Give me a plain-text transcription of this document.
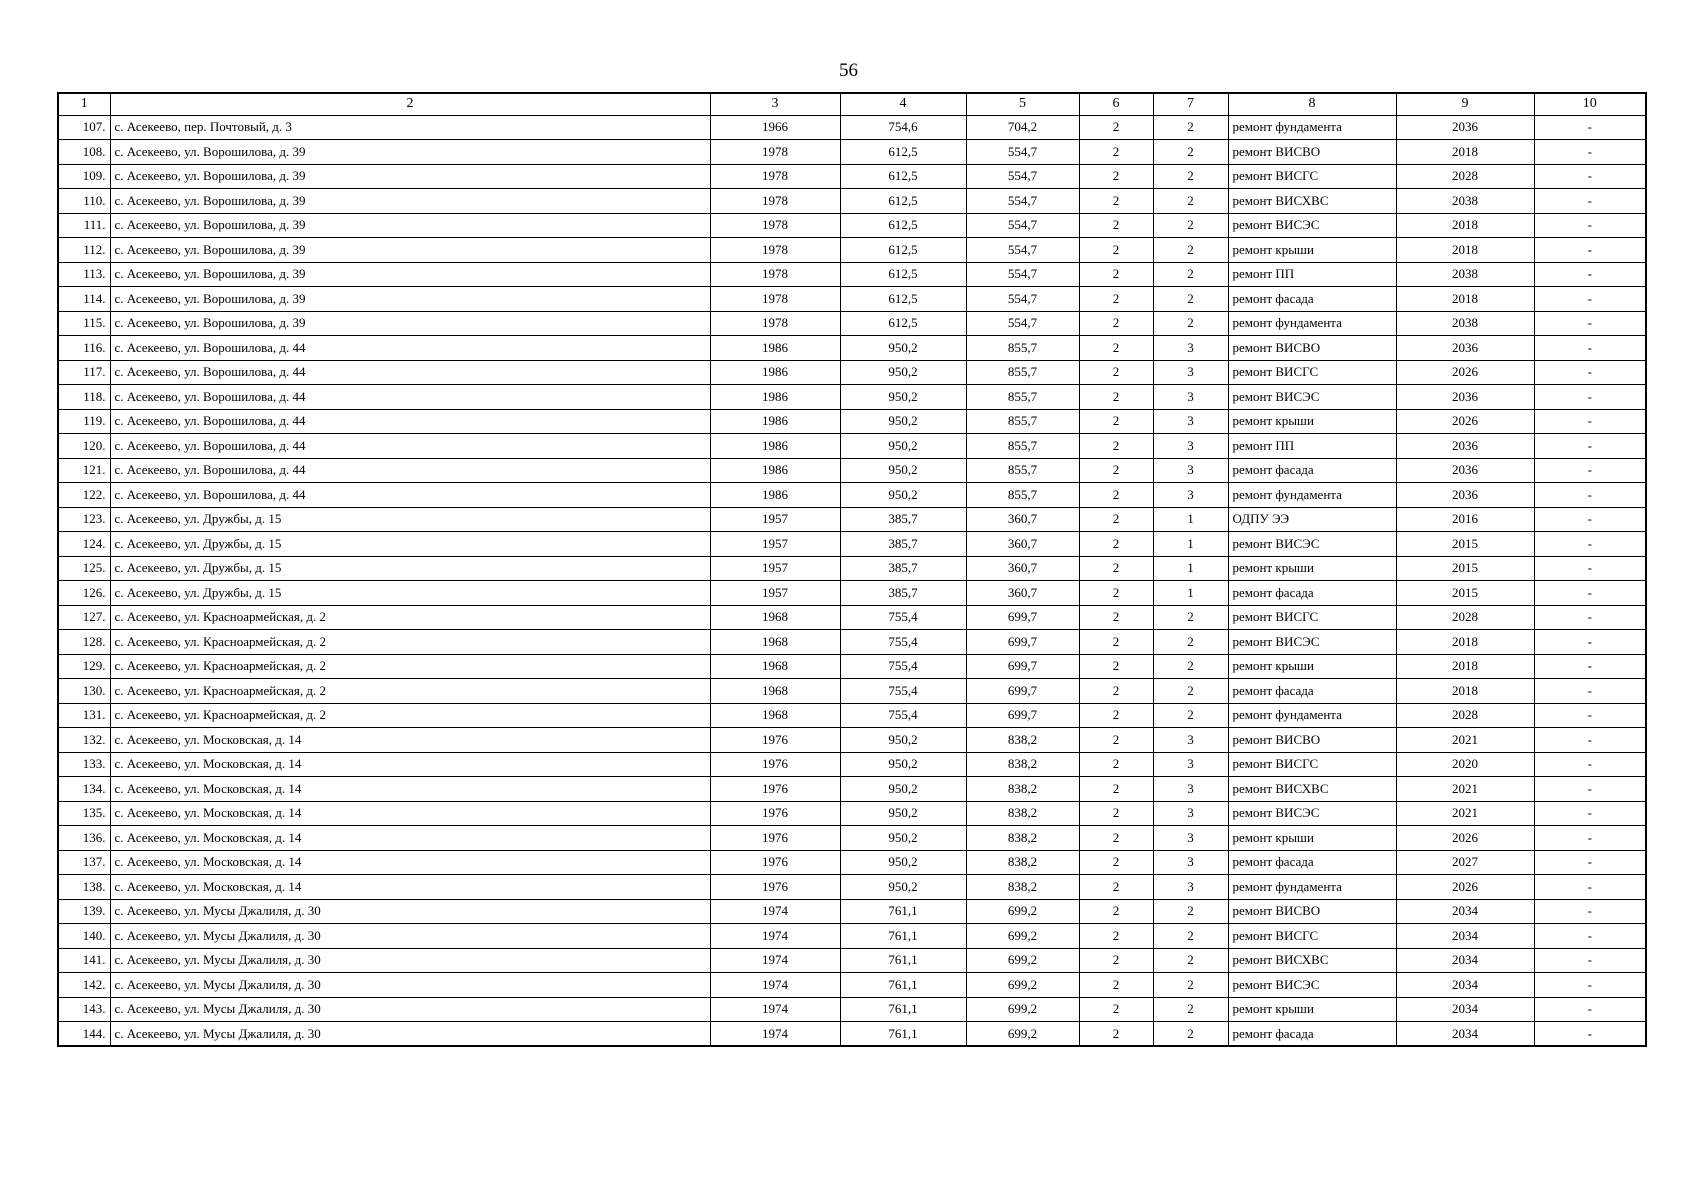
56
1	2	3	4	5	6	7	8	9	10
107.	с. Асекеево, пер. Почтовый, д. 3	1966	754,6	704,2	2	2	ремонт фундамента	2036	-
108.	с. Асекеево, ул. Ворошилова, д. 39	1978	612,5	554,7	2	2	ремонт ВИСВО	2018	-
109.	с. Асекеево, ул. Ворошилова, д. 39	1978	612,5	554,7	2	2	ремонт ВИСГС	2028	-
110.	с. Асекеево, ул. Ворошилова, д. 39	1978	612,5	554,7	2	2	ремонт ВИСХВС	2038	-
111.	с. Асекеево, ул. Ворошилова, д. 39	1978	612,5	554,7	2	2	ремонт ВИСЭС	2018	-
112.	с. Асекеево, ул. Ворошилова, д. 39	1978	612,5	554,7	2	2	ремонт крыши	2018	-
113.	с. Асекеево, ул. Ворошилова, д. 39	1978	612,5	554,7	2	2	ремонт ПП	2038	-
114.	с. Асекеево, ул. Ворошилова, д. 39	1978	612,5	554,7	2	2	ремонт фасада	2018	-
115.	с. Асекеево, ул. Ворошилова, д. 39	1978	612,5	554,7	2	2	ремонт фундамента	2038	-
116.	с. Асекеево, ул. Ворошилова, д. 44	1986	950,2	855,7	2	3	ремонт ВИСВО	2036	-
117.	с. Асекеево, ул. Ворошилова, д. 44	1986	950,2	855,7	2	3	ремонт ВИСГС	2026	-
118.	с. Асекеево, ул. Ворошилова, д. 44	1986	950,2	855,7	2	3	ремонт ВИСЭС	2036	-
119.	с. Асекеево, ул. Ворошилова, д. 44	1986	950,2	855,7	2	3	ремонт крыши	2026	-
120.	с. Асекеево, ул. Ворошилова, д. 44	1986	950,2	855,7	2	3	ремонт ПП	2036	-
121.	с. Асекеево, ул. Ворошилова, д. 44	1986	950,2	855,7	2	3	ремонт фасада	2036	-
122.	с. Асекеево, ул. Ворошилова, д. 44	1986	950,2	855,7	2	3	ремонт фундамента	2036	-
123.	с. Асекеево, ул. Дружбы, д. 15	1957	385,7	360,7	2	1	ОДПУ ЭЭ	2016	-
124.	с. Асекеево, ул. Дружбы, д. 15	1957	385,7	360,7	2	1	ремонт ВИСЭС	2015	-
125.	с. Асекеево, ул. Дружбы, д. 15	1957	385,7	360,7	2	1	ремонт крыши	2015	-
126.	с. Асекеево, ул. Дружбы, д. 15	1957	385,7	360,7	2	1	ремонт фасада	2015	-
127.	с. Асекеево, ул. Красноармейская, д. 2	1968	755,4	699,7	2	2	ремонт ВИСГС	2028	-
128.	с. Асекеево, ул. Красноармейская, д. 2	1968	755,4	699,7	2	2	ремонт ВИСЭС	2018	-
129.	с. Асекеево, ул. Красноармейская, д. 2	1968	755,4	699,7	2	2	ремонт крыши	2018	-
130.	с. Асекеево, ул. Красноармейская, д. 2	1968	755,4	699,7	2	2	ремонт фасада	2018	-
131.	с. Асекеево, ул. Красноармейская, д. 2	1968	755,4	699,7	2	2	ремонт фундамента	2028	-
132.	с. Асекеево, ул. Московская, д. 14	1976	950,2	838,2	2	3	ремонт ВИСВО	2021	-
133.	с. Асекеево, ул. Московская, д. 14	1976	950,2	838,2	2	3	ремонт ВИСГС	2020	-
134.	с. Асекеево, ул. Московская, д. 14	1976	950,2	838,2	2	3	ремонт ВИСХВС	2021	-
135.	с. Асекеево, ул. Московская, д. 14	1976	950,2	838,2	2	3	ремонт ВИСЭС	2021	-
136.	с. Асекеево, ул. Московская, д. 14	1976	950,2	838,2	2	3	ремонт крыши	2026	-
137.	с. Асекеево, ул. Московская, д. 14	1976	950,2	838,2	2	3	ремонт фасада	2027	-
138.	с. Асекеево, ул. Московская, д. 14	1976	950,2	838,2	2	3	ремонт фундамента	2026	-
139.	с. Асекеево, ул. Мусы Джалиля, д. 30	1974	761,1	699,2	2	2	ремонт ВИСВО	2034	-
140.	с. Асекеево, ул. Мусы Джалиля, д. 30	1974	761,1	699,2	2	2	ремонт ВИСГС	2034	-
141.	с. Асекеево, ул. Мусы Джалиля, д. 30	1974	761,1	699,2	2	2	ремонт ВИСХВС	2034	-
142.	с. Асекеево, ул. Мусы Джалиля, д. 30	1974	761,1	699,2	2	2	ремонт ВИСЭС	2034	-
143.	с. Асекеево, ул. Мусы Джалиля, д. 30	1974	761,1	699,2	2	2	ремонт крыши	2034	-
144.	с. Асекеево, ул. Мусы Джалиля, д. 30	1974	761,1	699,2	2	2	ремонт фасада	2034	-
